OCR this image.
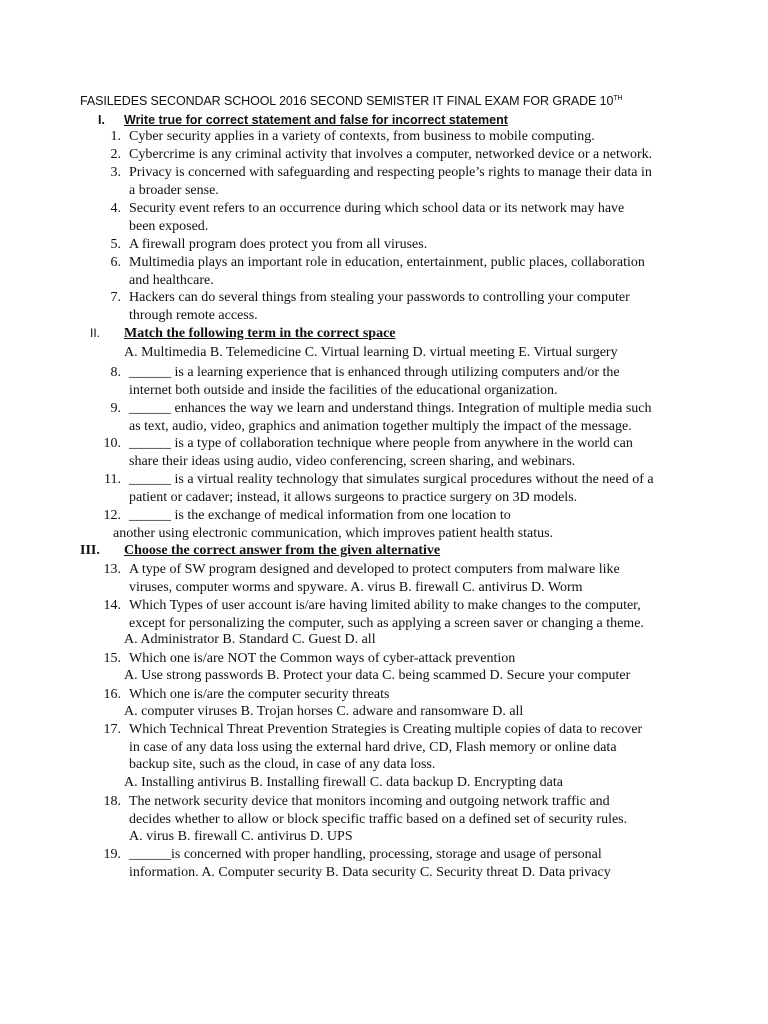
FASILEDES SECONDAR SCHOOL 2016 SECOND SEMISTER IT FINAL EXAM FOR GRADE 10TH
I. Write true for correct statement and false for incorrect statement
1. Cyber security applies in a variety of contexts, from business to mobile computing.
2. Cybercrime is any criminal activity that involves a computer, networked device or a network.
3. Privacy is concerned with safeguarding and respecting people’s rights to manage their data in
a broader sense.
4. Security event refers to an occurrence during which school data or its network may have
been exposed.
5. A firewall program does protect you from all viruses.
6. Multimedia plays an important role in education, entertainment, public places, collaboration
and healthcare.
7. Hackers can do several things from stealing your passwords to controlling your computer
through remote access.
II. Match the following term in the correct space
A. Multimedia B. Telemedicine C. Virtual learning D. virtual meeting E. Virtual surgery
8. ______ is a learning experience that is enhanced through utilizing computers and/or the
internet both outside and inside the facilities of the educational organization.
9. ______ enhances the way we learn and understand things. Integration of multiple media such
as text, audio, video, graphics and animation together multiply the impact of the message.
10. ______ is a type of collaboration technique where people from anywhere in the world can
share their ideas using audio, video conferencing, screen sharing, and webinars.
11. ______ is a virtual reality technology that simulates surgical procedures without the need of a
patient or cadaver; instead, it allows surgeons to practice surgery on 3D models.
12. ______ is the exchange of medical information from one location to
another using electronic communication, which improves patient health status.
III. Choose the correct answer from the given alternative
13. A type of SW program designed and developed to protect computers from malware like
viruses, computer worms and spyware. A. virus B. firewall C. antivirus D. Worm
14. Which Types of user account is/are having limited ability to make changes to the computer,
except for personalizing the computer, such as applying a screen saver or changing a theme.
A. Administrator B. Standard C. Guest D. all
15. Which one is/are NOT the Common ways of cyber-attack prevention
A. Use strong passwords B. Protect your data C. being scammed D. Secure your computer
16. Which one is/are the computer security threats
A. computer viruses B. Trojan horses C. adware and ransomware D. all
17. Which Technical Threat Prevention Strategies is Creating multiple copies of data to recover
in case of any data loss using the external hard drive, CD, Flash memory or online data
backup site, such as the cloud, in case of any data loss.
A. Installing antivirus B. Installing firewall C. data backup D. Encrypting data
18. The network security device that monitors incoming and outgoing network traffic and
decides whether to allow or block specific traffic based on a defined set of security rules.
A. virus B. firewall C. antivirus D. UPS
19. ______is concerned with proper handling, processing, storage and usage of personal
information. A. Computer security B. Data security C. Security threat D. Data privacy
